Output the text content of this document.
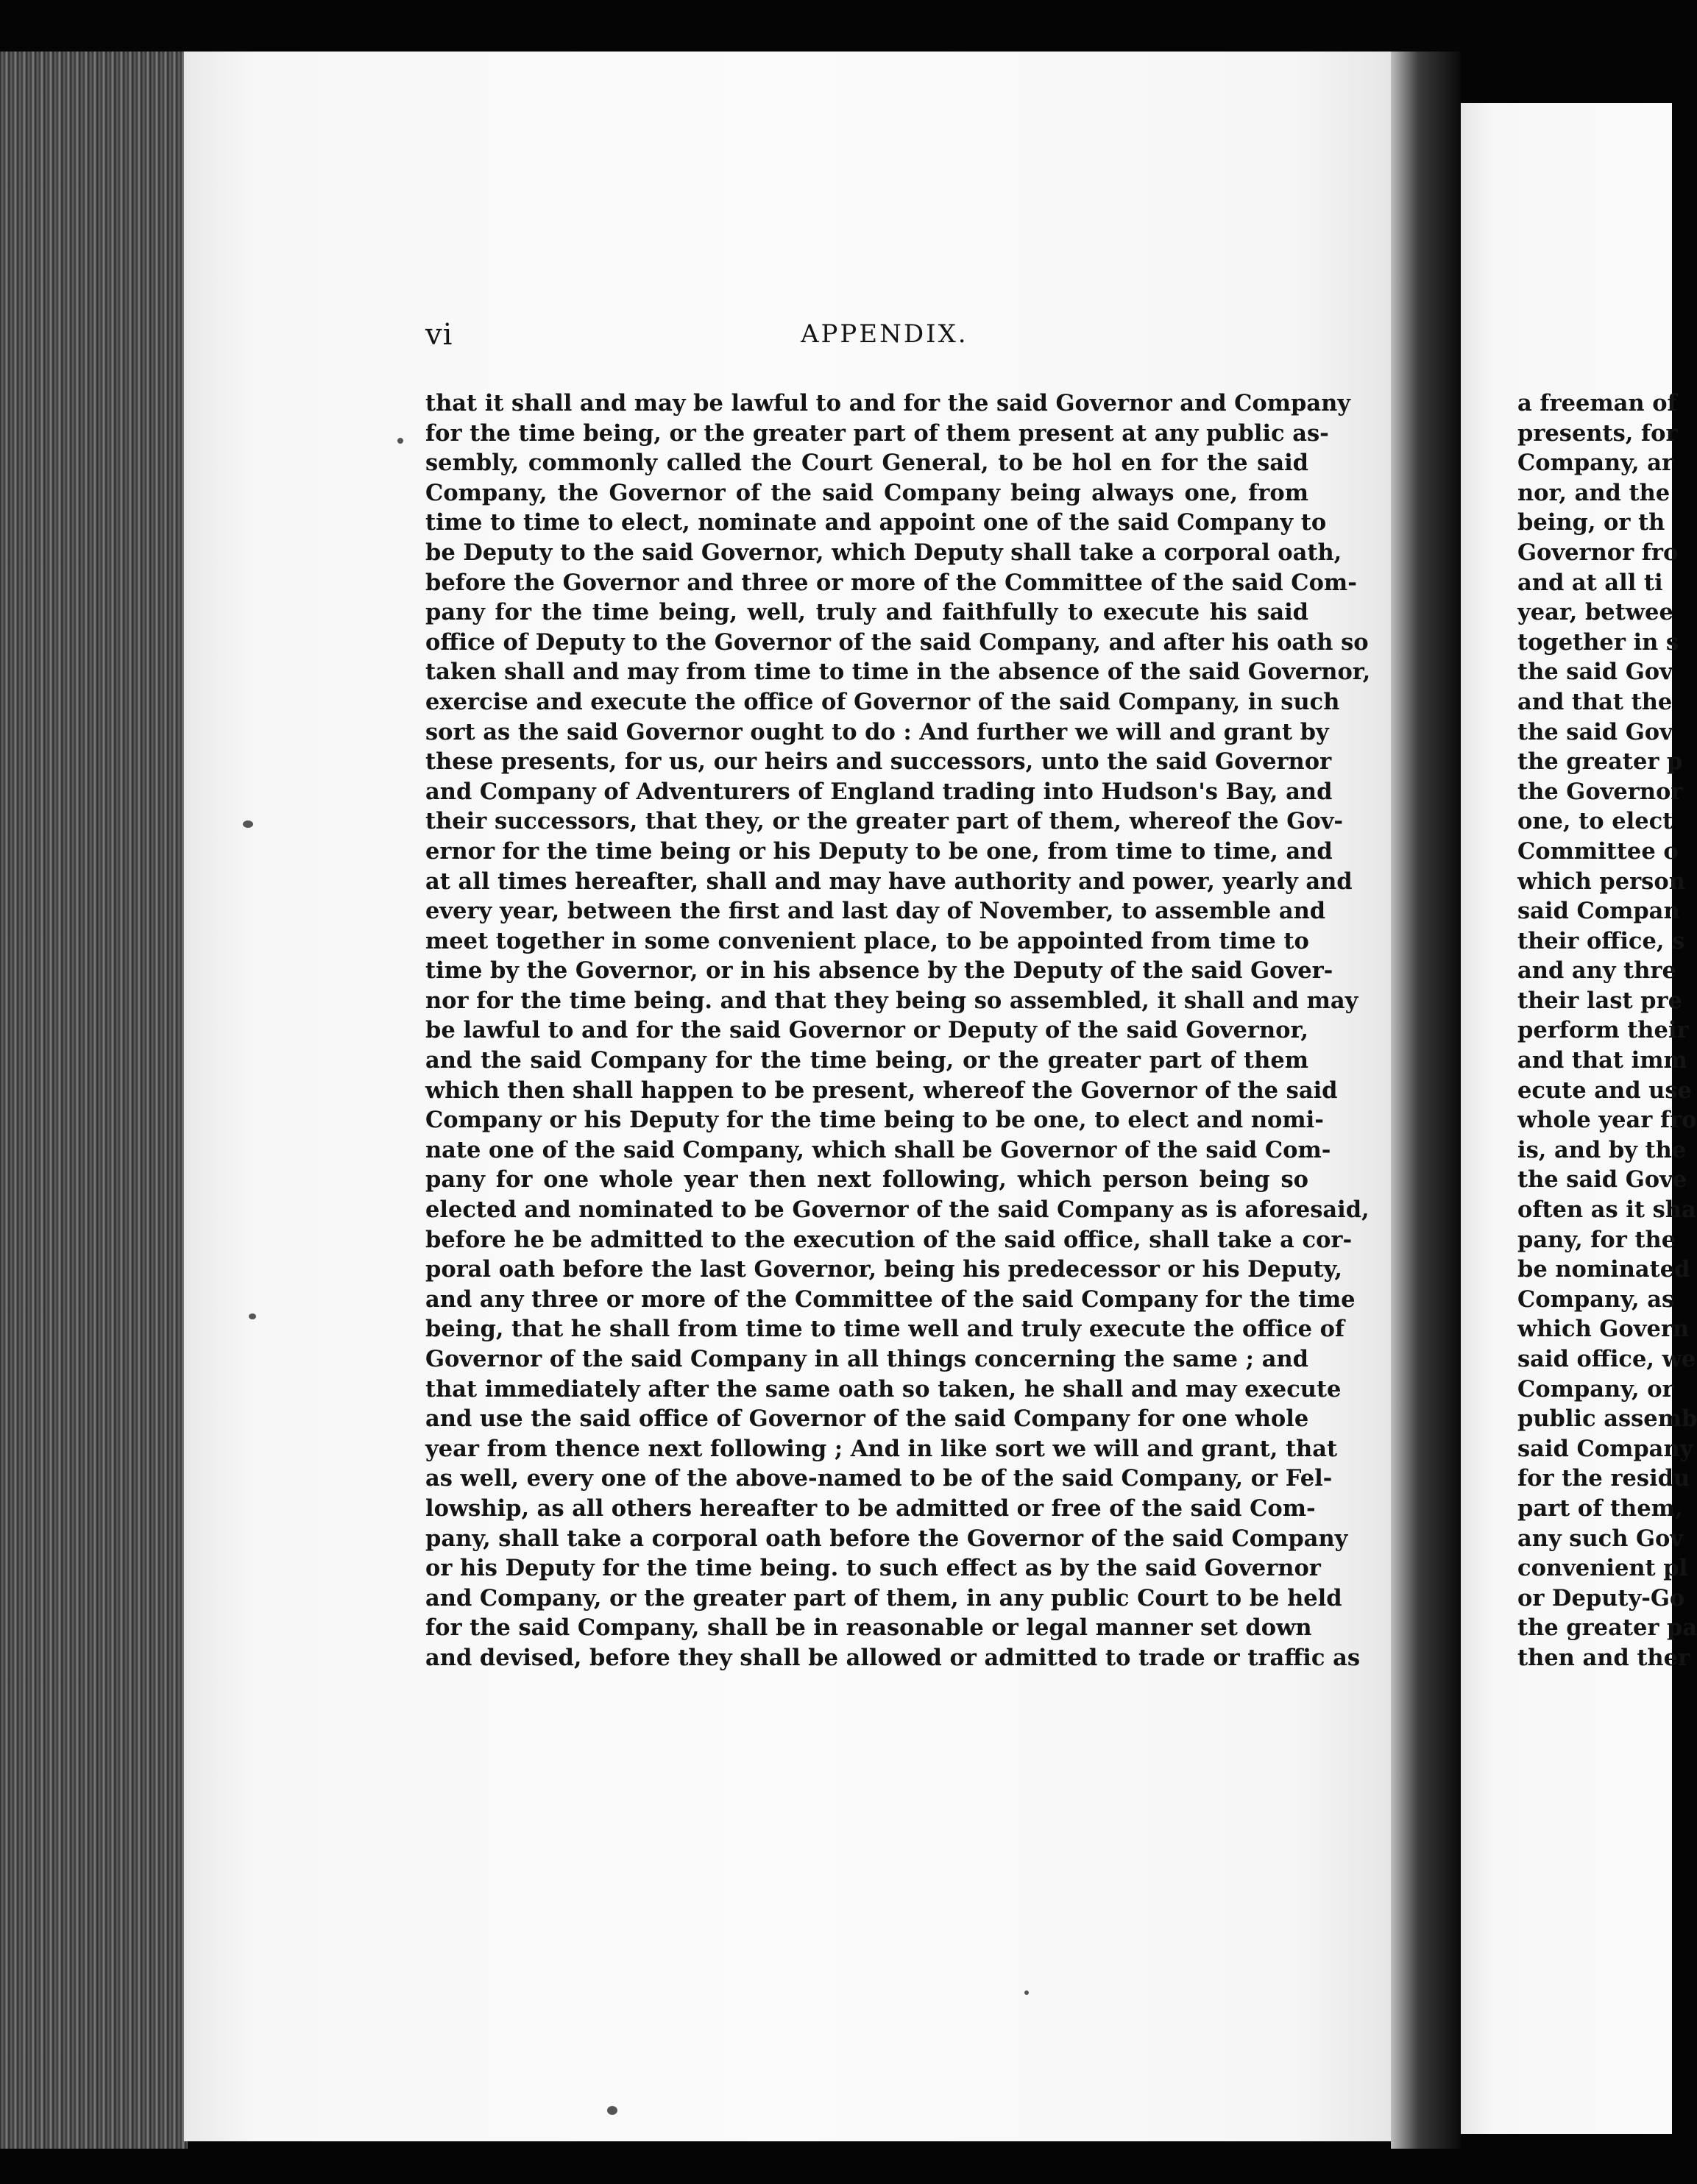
vi	APPENDIX.
that it shall and may be lawful to and for the said Governor and Company
for the time being, or the greater part of them present at any public as-
sembly, commonly called the Court General, to be hol en for the said
Company, the Governor of the said Company being always one, from
time to time to elect, nominate and appoint one of the said Company to
be Deputy to the said Governor, which Deputy shall take a corporal oath,
before the Governor and three or more of the Committee of the said Com-
pany for the time being, well, truly and faithfully to execute his said
office of Deputy to the Governor of the said Company, and after his oath so
taken shall and may from time to time in the absence of the said Governor,
exercise and execute the office of Governor of the said Company, in such
sort as the said Governor ought to do : And further we will and grant by
these presents, for us, our heirs and successors, unto the said Governor
and Company of Adventurers of England trading into Hudson's Bay, and
their successors, that they, or the greater part of them, whereof the Gov-
ernor for the time being or his Deputy to be one, from time to time, and
at all times hereafter, shall and may have authority and power, yearly and
every year, between the first and last day of November, to assemble and
meet together in some convenient place, to be appointed from time to
time by the Governor, or in his absence by the Deputy of the said Gover-
nor for the time being. and that they being so assembled, it shall and may
be lawful to and for the said Governor or Deputy of the said Governor,
and the said Company for the time being, or the greater part of them
which then shall happen to be present, whereof the Governor of the said
Company or his Deputy for the time being to be one, to elect and nomi-
nate one of the said Company, which shall be Governor of the said Com-
pany for one whole year then next following, which person being so
elected and nominated to be Governor of the said Company as is aforesaid,
before he be admitted to the execution of the said office, shall take a cor-
poral oath before the last Governor, being his predecessor or his Deputy,
and any three or more of the Committee of the said Company for the time
being, that he shall from time to time well and truly execute the office of
Governor of the said Company in all things concerning the same ; and
that immediately after the same oath so taken, he shall and may execute
and use the said office of Governor of the said Company for one whole
year from thence next following ; And in like sort we will and grant, that
as well, every one of the above-named to be of the said Company, or Fel-
lowship, as all others hereafter to be admitted or free of the said Com-
pany, shall take a corporal oath before the Governor of the said Company
or his Deputy for the time being. to such effect as by the said Governor
and Company, or the greater part of them, in any public Court to be held
for the said Company, shall be in reasonable or legal manner set down
and devised, before they shall be allowed or admitted to trade or traffic as
a freeman of
presents, for
Company, ar
nor, and the
being, or th
Governor fro
and at all ti
year, betwee
together in s
the said Gov
and that the
the said Gov
the greater p
the Governor
one, to elect
Committee o
which person
said Compan
their office, s
and any thre
their last pre
perform their
and that imm
ecute and use
whole year fro
is, and by the
the said Gove
often as it sha
pany, for the
be nominated
Company, as
which Govern
said office, we
Company, or
public assemb
said Company
for the residu
part of them,
any such Gov
convenient pl
or Deputy-Go
the greater pa
then and ther
